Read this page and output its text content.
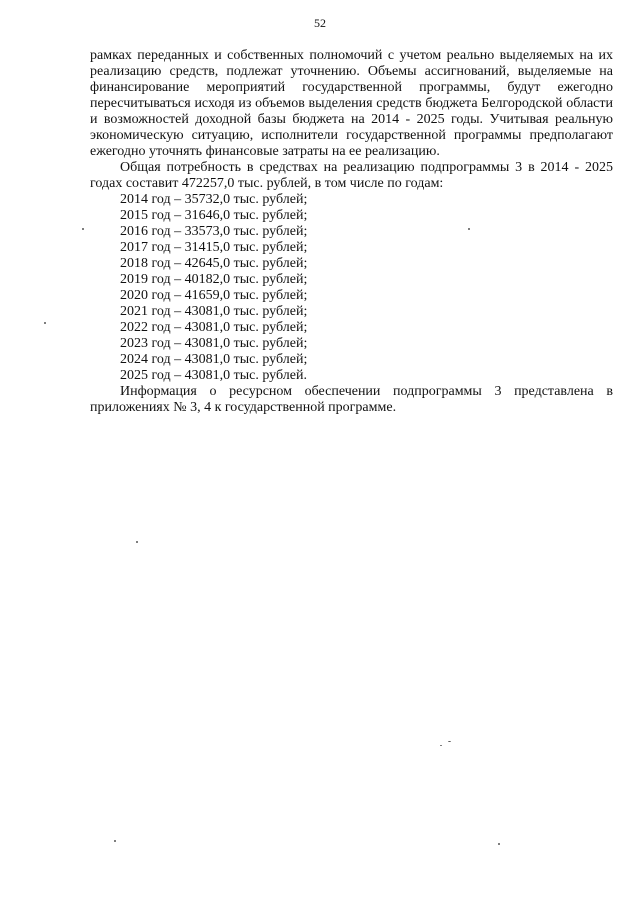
52

рамках переданных и собственных полномочий с учетом реально выделяемых на их реализацию средств, подлежат уточнению. Объемы ассигнований, выделяемые на финансирование мероприятий государственной программы, будут ежегодно пересчитываться исходя из объемов выделения средств бюджета Белгородской области и возможностей доходной базы бюджета на 2014 - 2025 годы. Учитывая реальную экономическую ситуацию, исполнители государственной программы предполагают ежегодно уточнять финансовые затраты на ее реализацию.

Общая потребность в средствах на реализацию подпрограммы 3 в 2014 - 2025 годах составит 472257,0 тыс. рублей, в том числе по годам:

2014 год – 35732,0 тыс. рублей;
2015 год – 31646,0 тыс. рублей;
2016 год – 33573,0 тыс. рублей;
2017 год – 31415,0 тыс. рублей;
2018 год – 42645,0 тыс. рублей;
2019 год – 40182,0 тыс. рублей;
2020 год – 41659,0 тыс. рублей;
2021 год – 43081,0 тыс. рублей;
2022 год – 43081,0 тыс. рублей;
2023 год – 43081,0 тыс. рублей;
2024 год – 43081,0 тыс. рублей;
2025 год – 43081,0 тыс. рублей.

Информация о ресурсном обеспечении подпрограммы 3 представлена в приложениях № 3, 4 к государственной программе.
